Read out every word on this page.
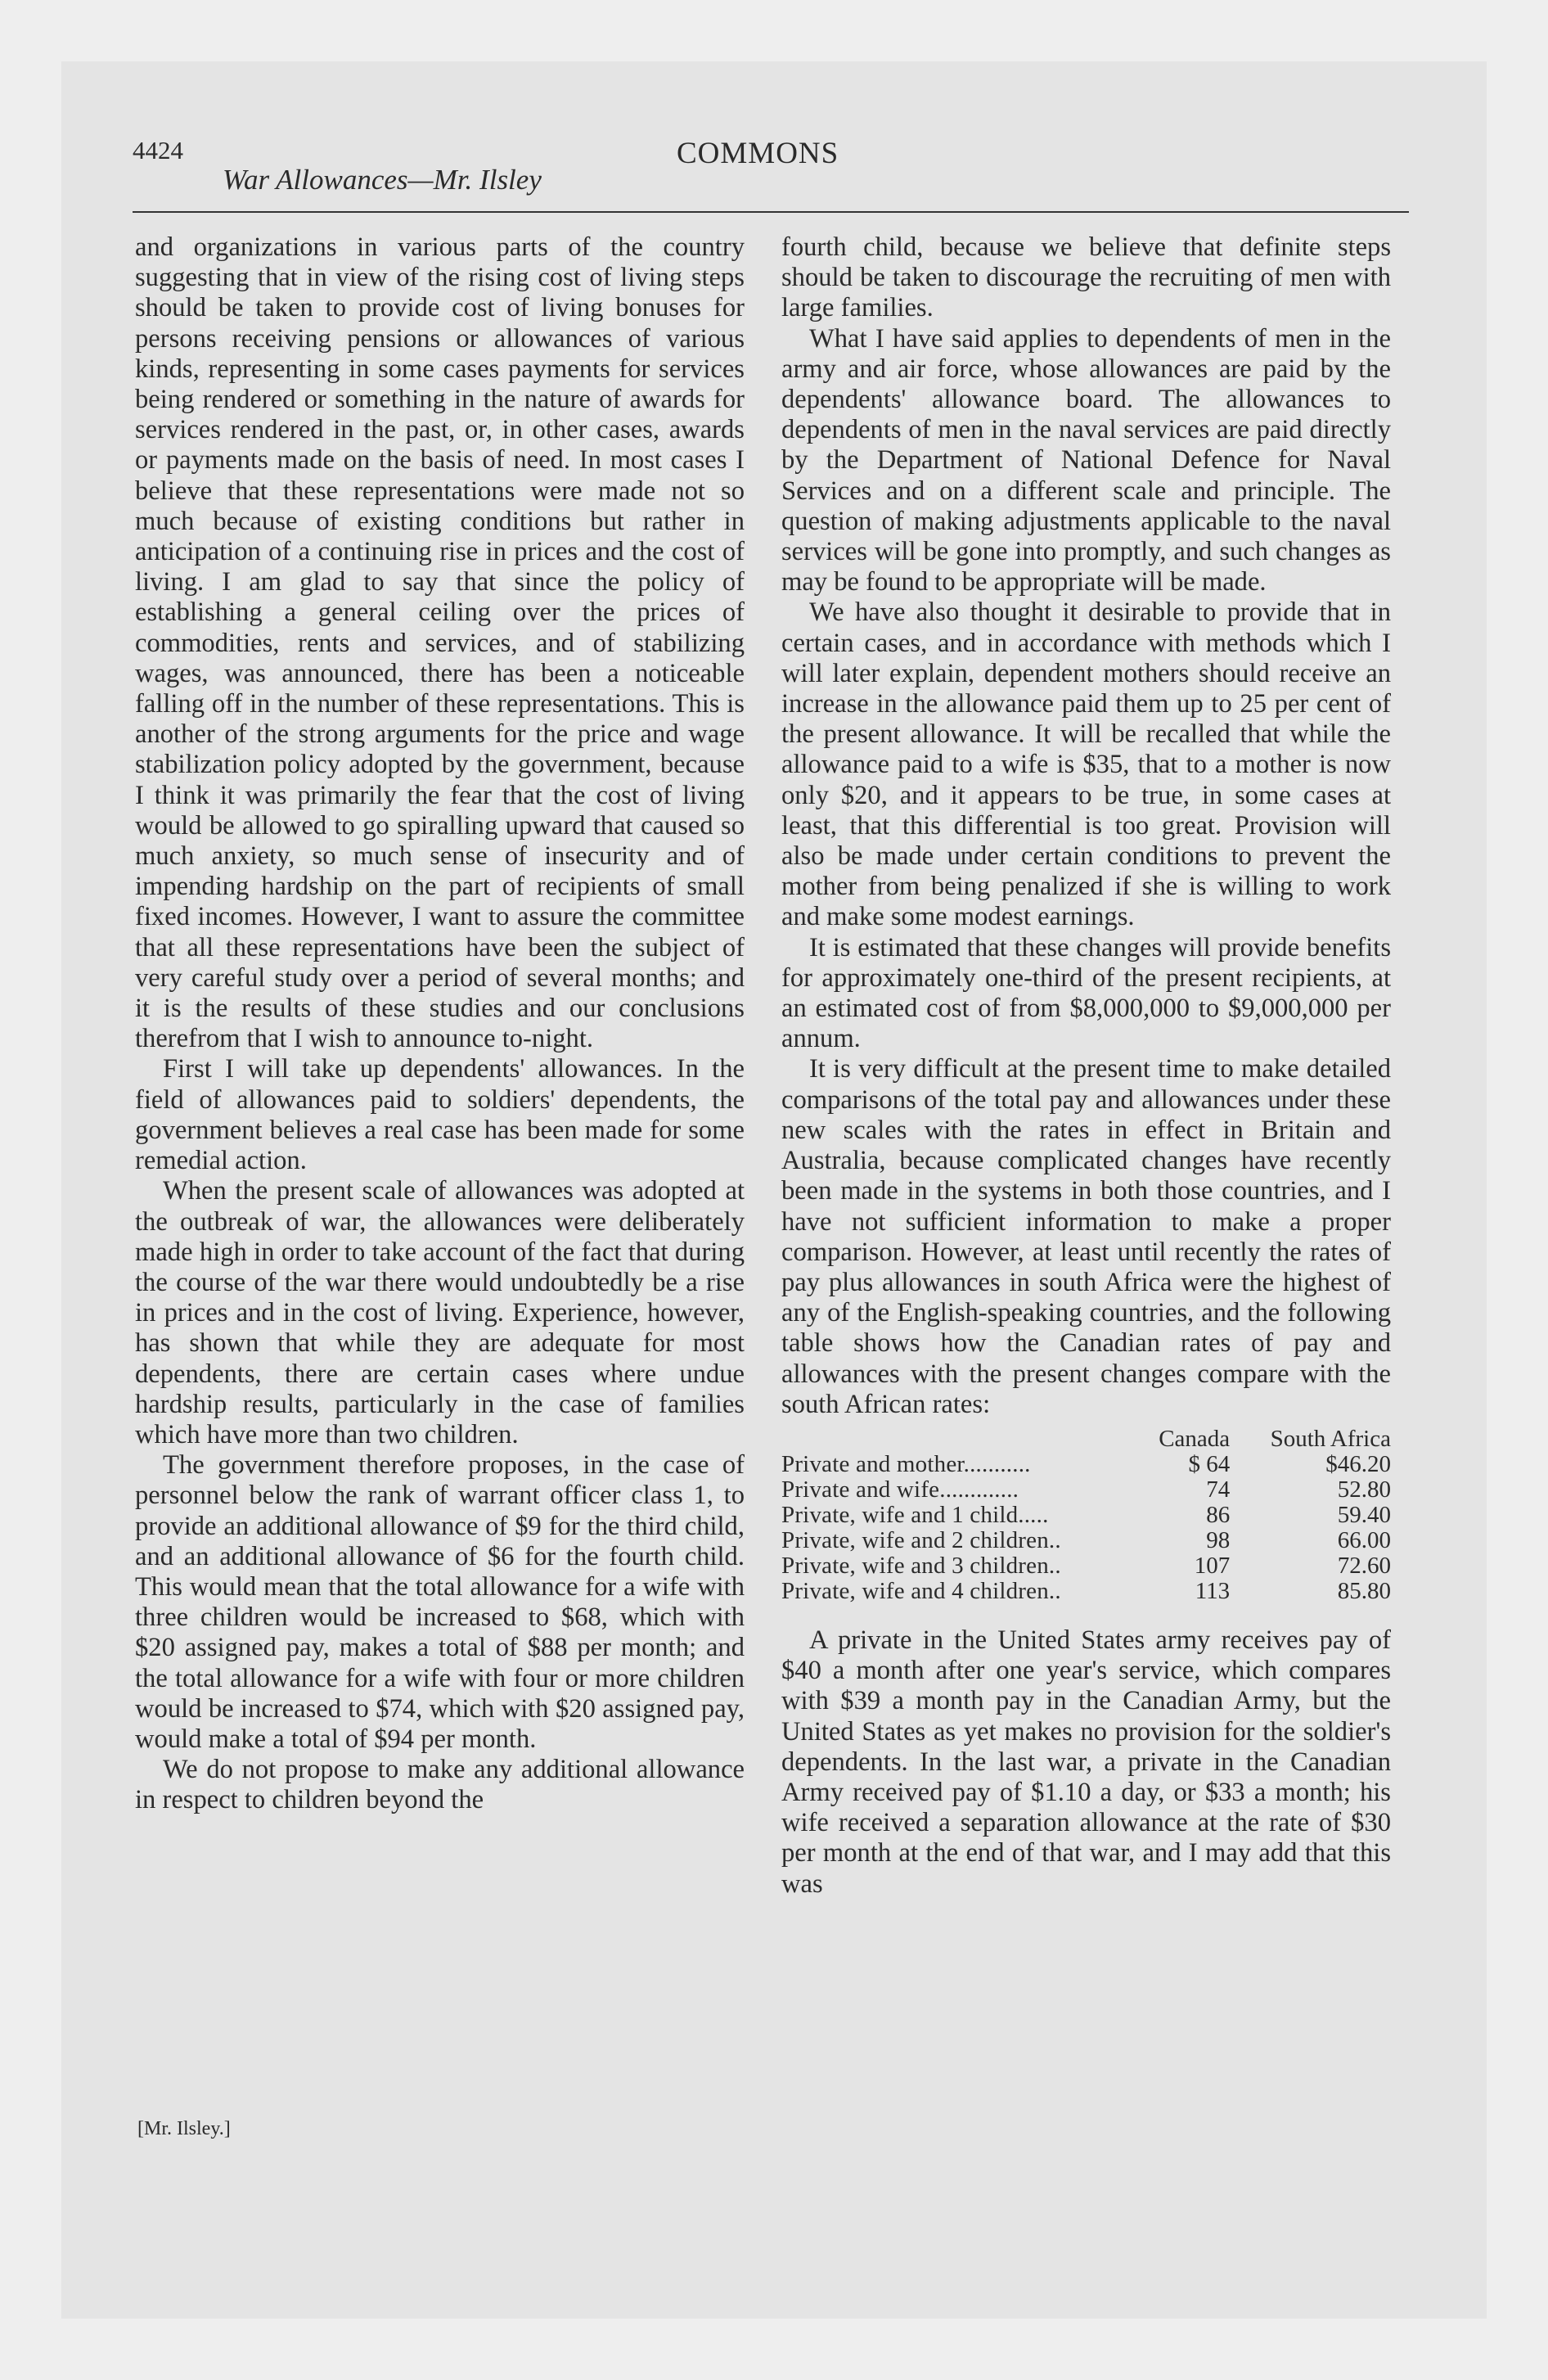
4424
War Allowances—Mr. Ilsley
COMMONS

and organizations in various parts of the country suggesting that in view of the rising cost of living steps should be taken to provide cost of living bonuses for persons receiving pensions or allowances of various kinds, representing in some cases payments for services being rendered or something in the nature of awards for services rendered in the past, or, in other cases, awards or payments made on the basis of need. In most cases I believe that these representations were made not so much because of existing conditions but rather in anticipation of a continuing rise in prices and the cost of living. I am glad to say that since the policy of establishing a general ceiling over the prices of commodities, rents and services, and of stabilizing wages, was announced, there has been a noticeable falling off in the number of these representations. This is another of the strong arguments for the price and wage stabilization policy adopted by the government, because I think it was primarily the fear that the cost of living would be allowed to go spiralling upward that caused so much anxiety, so much sense of insecurity and of impending hardship on the part of recipients of small fixed incomes. However, I want to assure the committee that all these representations have been the subject of very careful study over a period of several months; and it is the results of these studies and our conclusions therefrom that I wish to announce to-night.

First I will take up dependents' allowances. In the field of allowances paid to soldiers' dependents, the government believes a real case has been made for some remedial action.

When the present scale of allowances was adopted at the outbreak of war, the allowances were deliberately made high in order to take account of the fact that during the course of the war there would undoubtedly be a rise in prices and in the cost of living. Experience, however, has shown that while they are adequate for most dependents, there are certain cases where undue hardship results, particularly in the case of families which have more than two children.

The government therefore proposes, in the case of personnel below the rank of warrant officer class 1, to provide an additional allowance of $9 for the third child, and an additional allowance of $6 for the fourth child. This would mean that the total allowance for a wife with three children would be increased to $68, which with $20 assigned pay, makes a total of $88 per month; and the total allowance for a wife with four or more children would be increased to $74, which with $20 assigned pay, would make a total of $94 per month.

We do not propose to make any additional allowance in respect to children beyond the

[Mr. Ilsley.]

fourth child, because we believe that definite steps should be taken to discourage the recruiting of men with large families.

What I have said applies to dependents of men in the army and air force, whose allowances are paid by the dependents' allowance board. The allowances to dependents of men in the naval services are paid directly by the Department of National Defence for Naval Services and on a different scale and principle. The question of making adjustments applicable to the naval services will be gone into promptly, and such changes as may be found to be appropriate will be made.

We have also thought it desirable to provide that in certain cases, and in accordance with methods which I will later explain, dependent mothers should receive an increase in the allowance paid them up to 25 per cent of the present allowance. It will be recalled that while the allowance paid to a wife is $35, that to a mother is now only $20, and it appears to be true, in some cases at least, that this differential is too great. Provision will also be made under certain conditions to prevent the mother from being penalized if she is willing to work and make some modest earnings.

It is estimated that these changes will provide benefits for approximately one-third of the present recipients, at an estimated cost of from $8,000,000 to $9,000,000 per annum.

It is very difficult at the present time to make detailed comparisons of the total pay and allowances under these new scales with the rates in effect in Britain and Australia, because complicated changes have recently been made in the systems in both those countries, and I have not sufficient information to make a proper comparison. However, at least until recently the rates of pay plus allowances in south Africa were the highest of any of the English-speaking countries, and the following table shows how the Canadian rates of pay and allowances with the present changes compare with the south African rates:

	Canada	South Africa
Private and mother...........	$ 64	$46.20
Private and wife.............	74	52.80
Private, wife and 1 child.....	86	59.40
Private, wife and 2 children..	98	66.00
Private, wife and 3 children..	107	72.60
Private, wife and 4 children..	113	85.80

A private in the United States army receives pay of $40 a month after one year's service, which compares with $39 a month pay in the Canadian Army, but the United States as yet makes no provision for the soldier's dependents. In the last war, a private in the Canadian Army received pay of $1.10 a day, or $33 a month; his wife received a separation allowance at the rate of $30 per month at the end of that war, and I may add that this was
